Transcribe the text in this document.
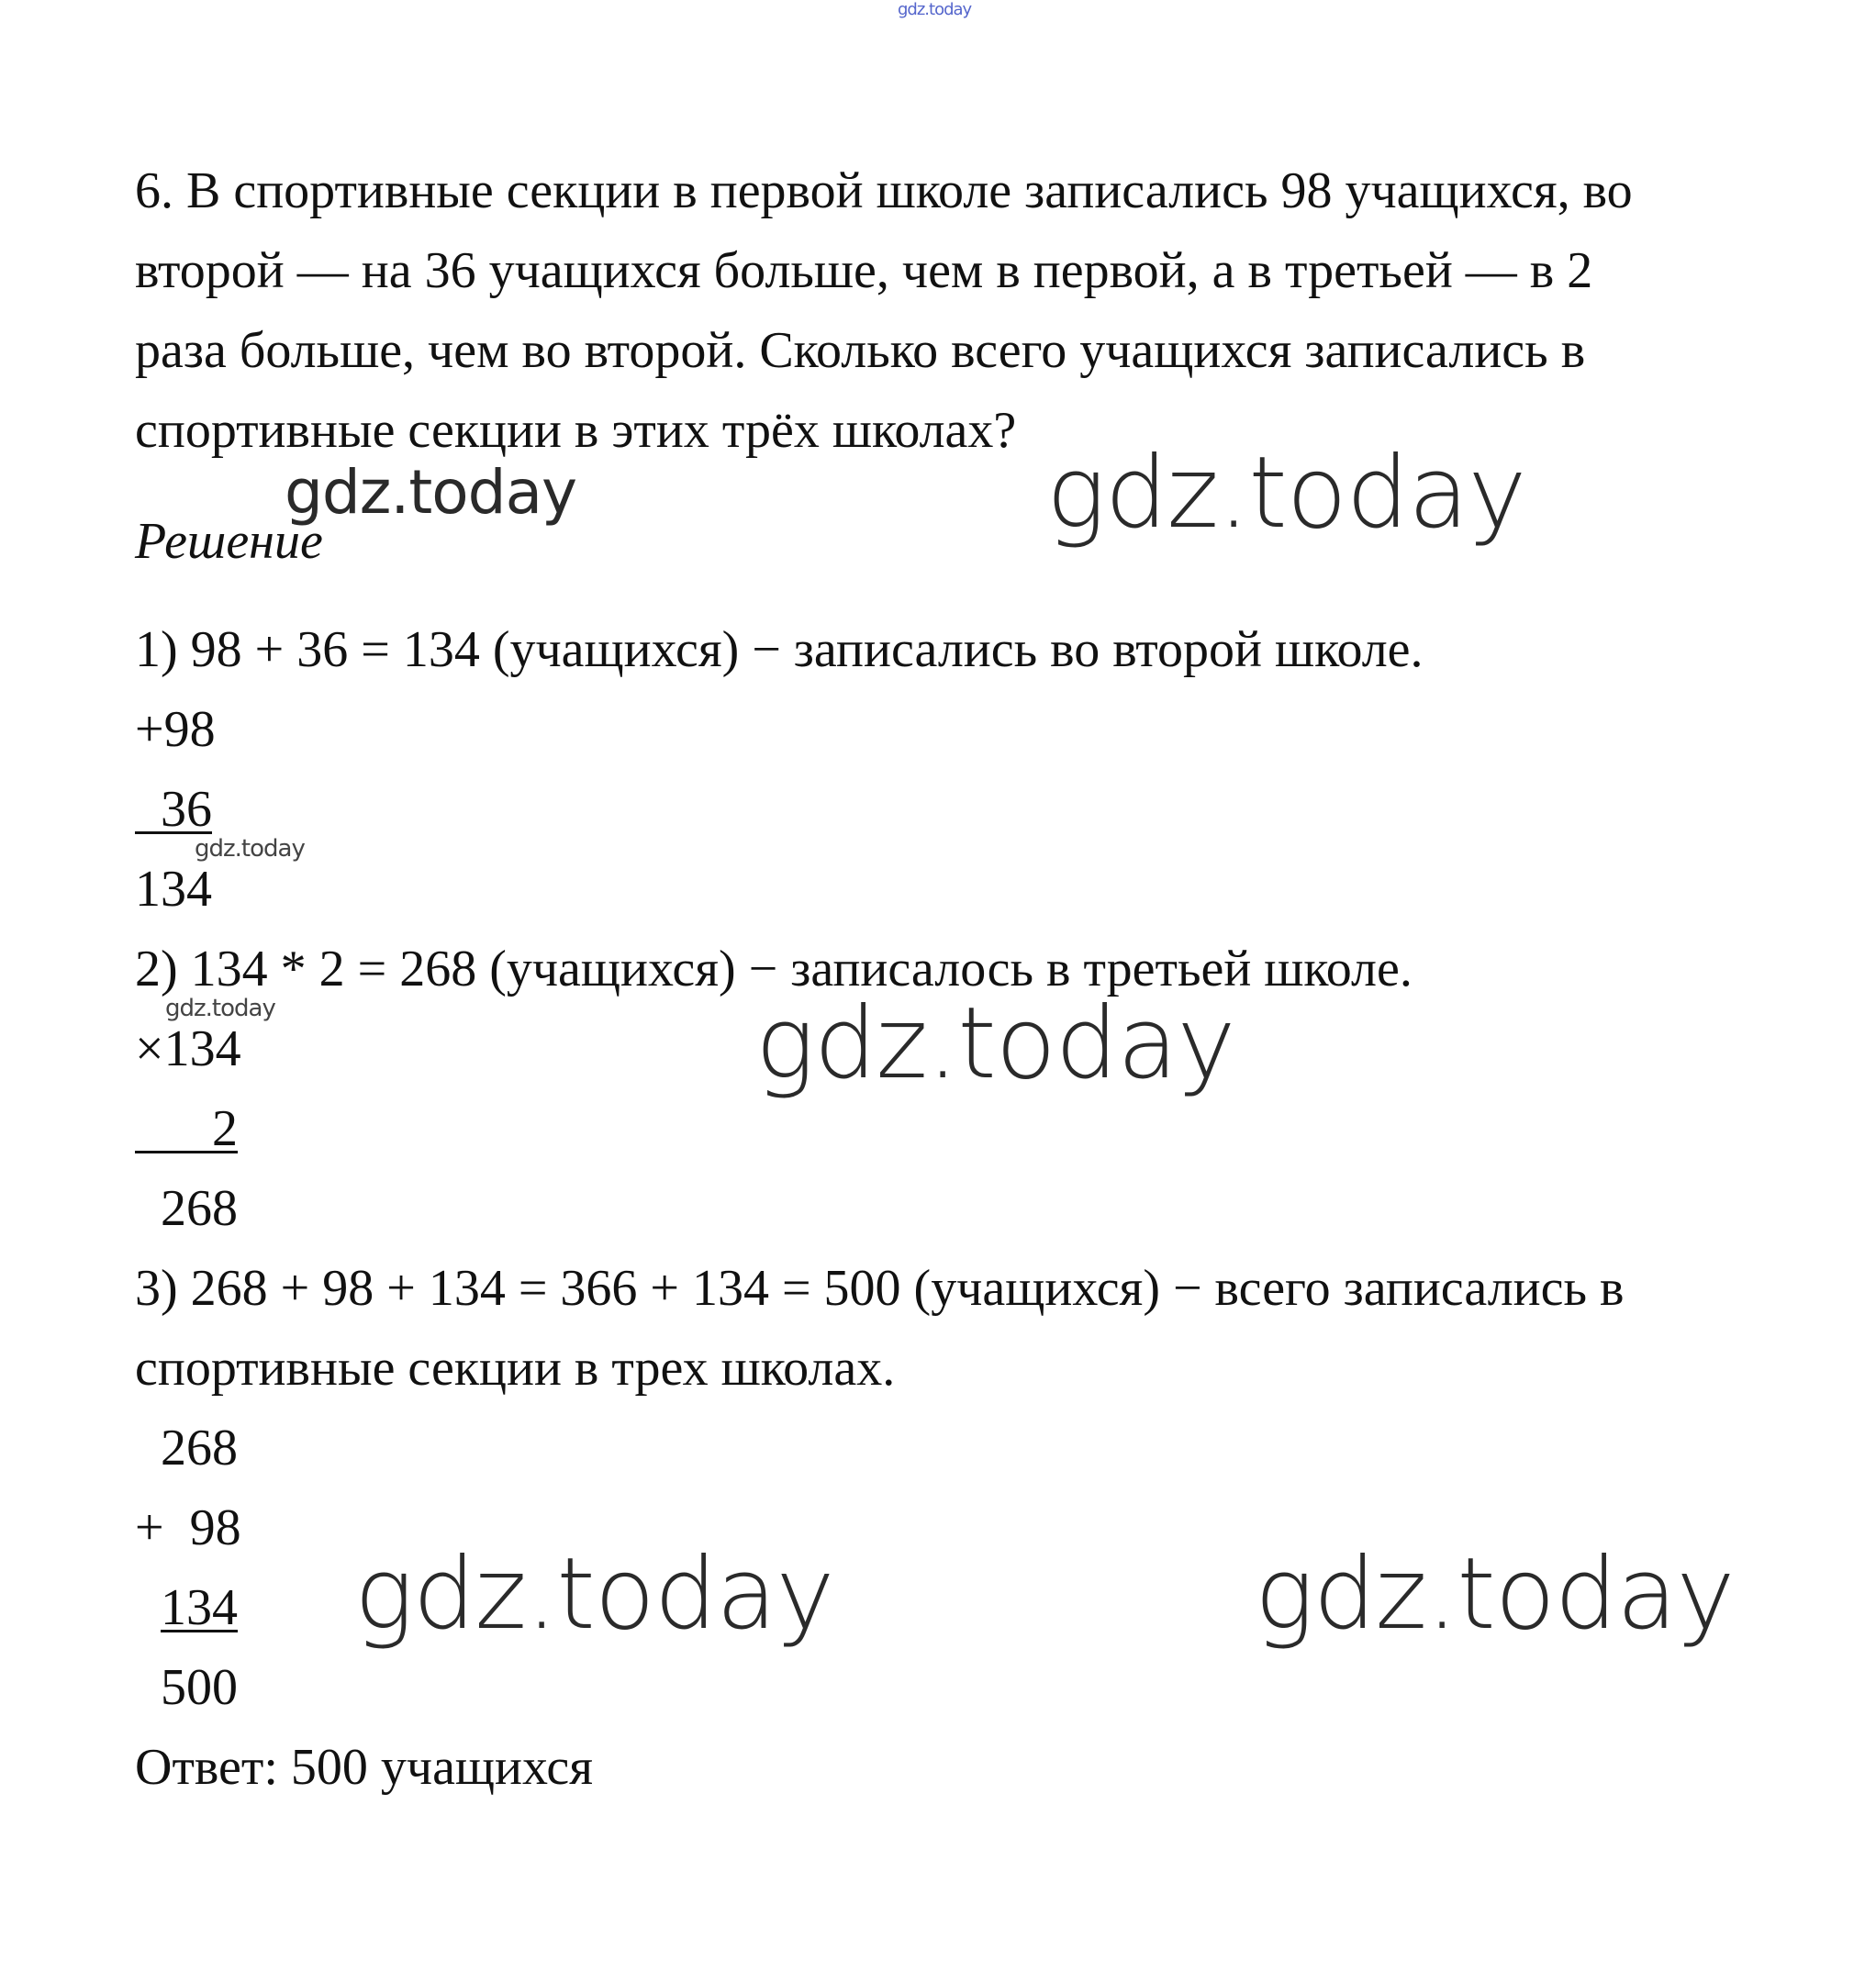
gdz.today
6. В спортивные секции в первой школе записались 98 учащихся, во
второй — на 36 учащихся больше, чем в первой, а в третьей — в 2
раза больше, чем во второй. Сколько всего учащихся записались в
спортивные секции в этих трёх школах?
Решение
1) 98 + 36 = 134 (учащихся) − записались во второй школе.
+98
36
134
2) 134 * 2 = 268 (учащихся) − записалось в третьей школе.
×134
2
268
3) 268 + 98 + 134 = 366 + 134 = 500 (учащихся) − всего записались в
спортивные секции в трех школах.
268
+ 98
134
500
Ответ: 500 учащихся
gdz.today	gdz.today
gdz.today
gdz.today	gdz.today
gdz.today	gdz.today
